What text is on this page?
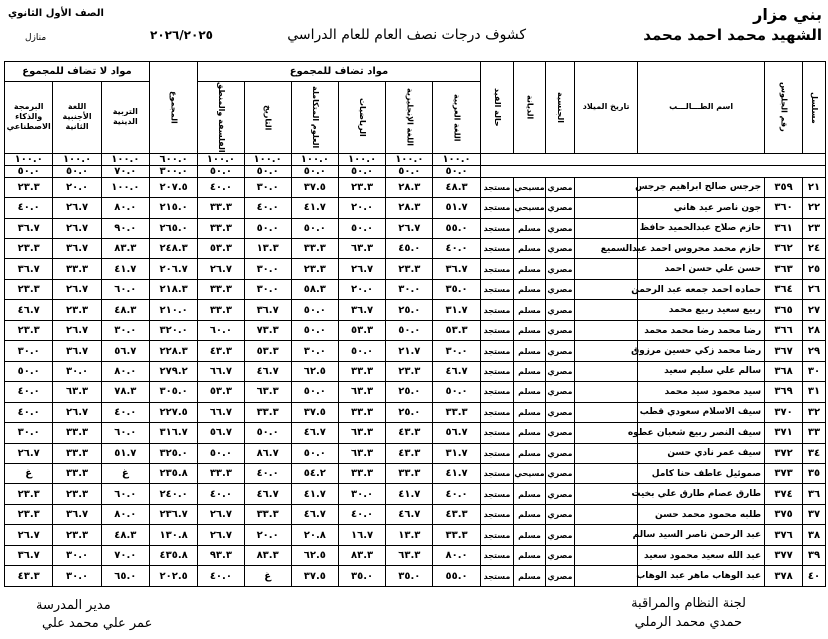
بني مزار
الشهيد محمد احمد محمد
كشوف درجات نصف العام للعام الدراسي
٢٠٢٦/٢٠٢٥
الصف الأول الثانوي
منازل
مسلسل	رقم الجلوس	اسم الطـــالـــب	تاريخ الميلاد	الجنسية	الديانة	حالة القيد	مواد تضاف للمجموع						المجموع	مواد لا تضاف للمجموع		
							اللغة العربية	اللغة الإنجليزية	الرياضيات	العلوم المتكاملة	التاريخ	الفلسفة والمنطق		التربية الدينية	اللغة الأجنبية الثانية	البرمجة والذكاء الاصطناعي
							١٠٠.٠	١٠٠.٠	١٠٠.٠	١٠٠.٠	١٠٠.٠	١٠٠.٠	٦٠٠.٠	١٠٠.٠	١٠٠.٠	١٠٠.٠
							٥٠.٠	٥٠.٠	٥٠.٠	٥٠.٠	٥٠.٠	٥٠.٠	٣٠٠.٠	٧٠.٠	٥٠.٠	٥٠.٠
٢١	٣٥٩	جرجس صالح ابراهيم جرجس		مصري	مسيحي	مستجد	٤٨.٣	٢٨.٣	٢٣.٣	٣٧.٥	٣٠.٠	٤٠.٠	٢٠٧.٥	١٠٠.٠	٢٠.٠	٢٣.٣
٢٢	٣٦٠	جون ناصر عيد هاني		مصري	مسيحي	مستجد	٥١.٧	٢٨.٣	٢٠.٠	٤١.٧	٤٠.٠	٣٣.٣	٢١٥.٠	٨٠.٠	٢٦.٧	٤٠.٠
٢٣	٣٦١	حازم صلاح عبدالحميد حافظ		مصري	مسلم	مستجد	٥٥.٠	٢٦.٧	٥٠.٠	٥٠.٠	٥٠.٠	٣٣.٣	٢٦٥.٠	٩٠.٠	٢٦.٧	٣٦.٧
٢٤	٣٦٢	حازم محمد محروس احمد عبدالسميع		مصري	مسلم	مستجد	٤٠.٠	٤٥.٠	٦٣.٣	٣٣.٣	١٣.٣	٥٣.٣	٢٤٨.٣	٨٣.٣	٣٦.٧	٢٣.٣
٢٥	٣٦٣	حسن علي حسن احمد		مصري	مسلم	مستجد	٣٦.٧	٢٣.٣	٢٦.٧	٢٣.٣	٣٠.٠	٢٦.٧	٢٠٦.٧	٤١.٧	٣٣.٣	٣٦.٧
٢٦	٣٦٤	حماده احمد جمعه عبد الرحمن		مصري	مسلم	مستجد	٣٥.٠	٣٠.٠	٢٠.٠	٥٨.٣	٣٠.٠	٣٣.٣	٢١٨.٣	٦٠.٠	٢٦.٧	٢٣.٣
٢٧	٣٦٥	ربيع سعيد ربيع محمد		مصري	مسلم	مستجد	٣١.٧	٢٥.٠	٣٦.٧	٥٠.٠	٣٦.٧	٣٣.٣	٢١٠.٠	٤٨.٣	٢٣.٣	٤٦.٧
٢٨	٣٦٦	رضا محمد رضا محمد محمد		مصري	مسلم	مستجد	٥٣.٣	٥٠.٠	٥٣.٣	٥٠.٠	٧٣.٣	٦٠.٠	٣٢٠.٠	٣٠.٠	٢٦.٧	٢٣.٣
٢٩	٣٦٧	رضا محمد زكي حسين مرزوق		مصري	مسلم	مستجد	٣٠.٠	٢١.٧	٥٠.٠	٣٠.٠	٥٣.٣	٤٣.٣	٢٢٨.٣	٥٦.٧	٣٦.٧	٣٠.٠
٣٠	٣٦٨	سالم علي سليم سعيد		مصري	مسلم	مستجد	٤٦.٧	٢٣.٣	٣٣.٣	٦٢.٥	٤٦.٧	٦٦.٧	٢٧٩.٢	٨٠.٠	٣٠.٠	٥٠.٠
٣١	٣٦٩	سيد محمود سيد محمد		مصري	مسلم	مستجد	٥٠.٠	٢٥.٠	٦٣.٣	٥٠.٠	٦٣.٣	٥٣.٣	٣٠٥.٠	٧٨.٣	٦٣.٣	٤٠.٠
٣٢	٣٧٠	سيف الاسلام سعودي قطب		مصري	مسلم	مستجد	٣٣.٣	٢٥.٠	٣٣.٣	٣٧.٥	٣٣.٣	٦٦.٧	٢٢٧.٥	٤٠.٠	٢٦.٧	٤٠.٠
٣٣	٣٧١	سيف النصر ربيع شعبان عطوه		مصري	مسلم	مستجد	٥٦.٧	٤٣.٣	٦٣.٣	٤٦.٧	٥٠.٠	٥٦.٧	٣١٦.٧	٦٠.٠	٣٣.٣	٣٠.٠
٣٤	٣٧٢	سيف عمر نادي حسن		مصري	مسلم	مستجد	٣١.٧	٤٣.٣	٦٣.٣	٥٠.٠	٨٦.٧	٥٠.٠	٣٢٥.٠	٥١.٧	٣٣.٣	٢٦.٧
٣٥	٣٧٣	صموئيل عاطف حنا كامل		مصري	مسيحي	مستجد	٤١.٧	٣٣.٣	٣٣.٣	٥٤.٢	٤٠.٠	٣٣.٣	٢٣٥.٨	غ	٣٣.٣	غ
٣٦	٣٧٤	طارق عصام طارق علي بخيت		مصري	مسلم	مستجد	٤٠.٠	٤١.٧	٣٠.٠	٤١.٧	٤٦.٧	٤٠.٠	٢٤٠.٠	٦٠.٠	٢٣.٣	٢٣.٣
٣٧	٣٧٥	طلبه محمود محمد حسن		مصري	مسلم	مستجد	٤٣.٣	٤٦.٧	٤٠.٠	٤٦.٧	٣٣.٣	٢٦.٧	٢٣٦.٧	٨٠.٠	٣٦.٧	٢٣.٣
٣٨	٣٧٦	عبد الرحمن ناصر السيد سالم		مصري	مسلم	مستجد	٣٣.٣	١٣.٣	١٦.٧	٢٠.٨	٢٠.٠	٢٦.٧	١٣٠.٨	٤٨.٣	٢٣.٣	٢٦.٧
٣٩	٣٧٧	عبد الله سعيد محمود سعيد		مصري	مسلم	مستجد	٨٠.٠	٦٣.٣	٨٣.٣	٦٢.٥	٨٣.٣	٩٣.٣	٤٣٥.٨	٧٠.٠	٣٠.٠	٣٦.٧
٤٠	٣٧٨	عبد الوهاب ماهر عبد الوهاب		مصري	مسلم	مستجد	٥٥.٠	٣٥.٠	٣٥.٠	٣٧.٥	غ	٤٠.٠	٢٠٢.٥	٦٥.٠	٣٠.٠	٤٣.٣
لجنة النظام والمراقبة
حمدي محمد الرملي
مدير المدرسة
عمر علي محمد علي
